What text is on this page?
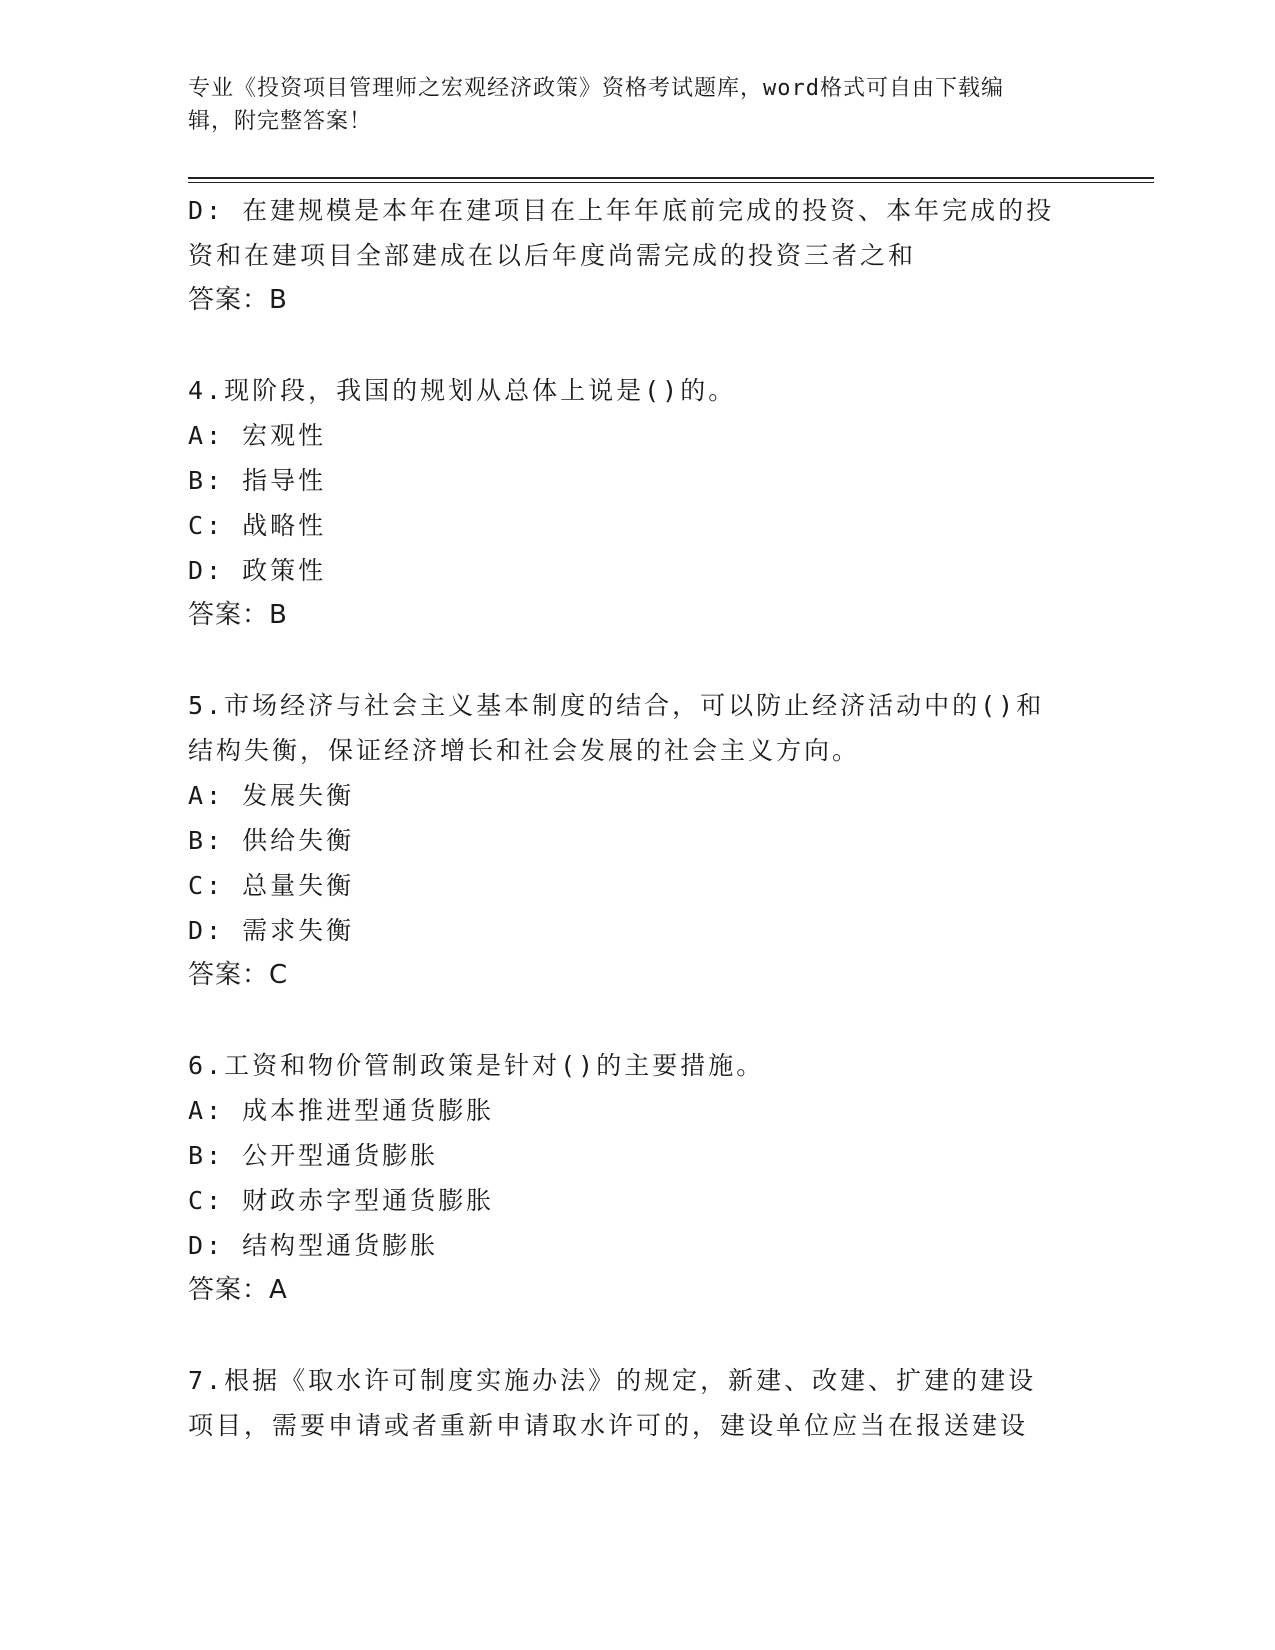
专业《投资项目管理师之宏观经济政策》资格考试题库，word格式可自由下载编
辑，附完整答案！
D: 在建规模是本年在建项目在上年年底前完成的投资、本年完成的投
资和在建项目全部建成在以后年度尚需完成的投资三者之和
答案：B
4.现阶段，我国的规划从总体上说是()的。
A: 宏观性
B: 指导性
C: 战略性
D: 政策性
答案：B
5.市场经济与社会主义基本制度的结合，可以防止经济活动中的()和
结构失衡，保证经济增长和社会发展的社会主义方向。
A: 发展失衡
B: 供给失衡
C: 总量失衡
D: 需求失衡
答案：C
6.工资和物价管制政策是针对()的主要措施。
A: 成本推进型通货膨胀
B: 公开型通货膨胀
C: 财政赤字型通货膨胀
D: 结构型通货膨胀
答案：A
7.根据《取水许可制度实施办法》的规定，新建、改建、扩建的建设
项目，需要申请或者重新申请取水许可的，建设单位应当在报送建设
